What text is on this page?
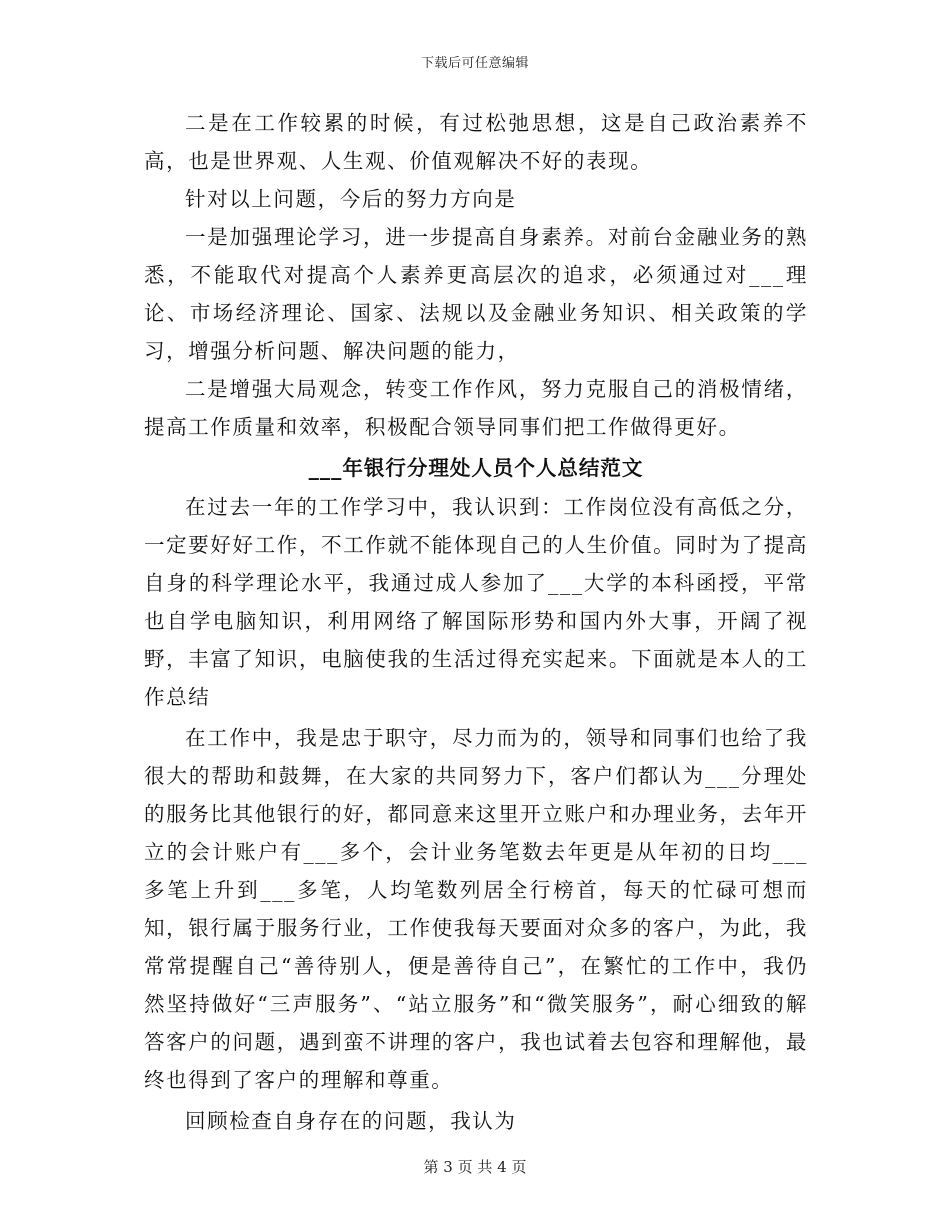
下载后可任意编辑

二是在工作较累的时候，有过松弛思想，这是自己政治素养不高，也是世界观、人生观、价值观解决不好的表现。

针对以上问题，今后的努力方向是

一是加强理论学习，进一步提高自身素养。对前台金融业务的熟悉，不能取代对提高个人素养更高层次的追求，必须通过对___理论、市场经济理论、国家、法规以及金融业务知识、相关政策的学习，增强分析问题、解决问题的能力，

二是增强大局观念，转变工作作风，努力克服自己的消极情绪，提高工作质量和效率，积极配合领导同事们把工作做得更好。

___年银行分理处人员个人总结范文

在过去一年的工作学习中，我认识到：工作岗位没有高低之分，一定要好好工作，不工作就不能体现自己的人生价值。同时为了提高自身的科学理论水平，我通过成人参加了___大学的本科函授，平常也自学电脑知识，利用网络了解国际形势和国内外大事，开阔了视野，丰富了知识，电脑使我的生活过得充实起来。下面就是本人的工作总结

在工作中，我是忠于职守，尽力而为的，领导和同事们也给了我很大的帮助和鼓舞，在大家的共同努力下，客户们都认为___分理处的服务比其他银行的好，都同意来这里开立账户和办理业务，去年开立的会计账户有___多个，会计业务笔数去年更是从年初的日均___多笔上升到___多笔，人均笔数列居全行榜首，每天的忙碌可想而知，银行属于服务行业，工作使我每天要面对众多的客户，为此，我常常提醒自己“善待别人，便是善待自己”，在繁忙的工作中，我仍然坚持做好“三声服务”、“站立服务”和“微笑服务”，耐心细致的解答客户的问题，遇到蛮不讲理的客户，我也试着去包容和理解他，最终也得到了客户的理解和尊重。

回顾检查自身存在的问题，我认为

第 3 页 共 4 页
